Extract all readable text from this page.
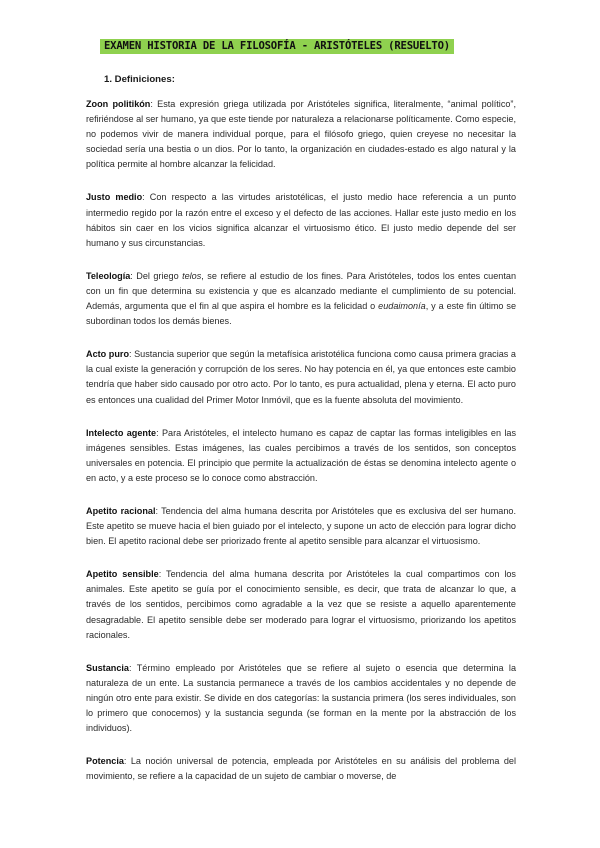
EXAMEN HISTORIA DE LA FILOSOFÍA - ARISTÓTELES (RESUELTO)
1. Definiciones:

Zoon politikón: Esta expresión griega utilizada por Aristóteles significa, literalmente, “animal político”, refiriéndose al ser humano, ya que este tiende por naturaleza a relacionarse políticamente. Como especie, no podemos vivir de manera individual porque, para el filósofo griego, quien creyese no necesitar la sociedad sería una bestia o un dios. Por lo tanto, la organización en ciudades-estado es algo natural y la política permite al hombre alcanzar la felicidad.

Justo medio: Con respecto a las virtudes aristotélicas, el justo medio hace referencia a un punto intermedio regido por la razón entre el exceso y el defecto de las acciones. Hallar este justo medio en los hábitos sin caer en los vicios significa alcanzar el virtuosismo ético. El justo medio depende del ser humano y sus circunstancias.

Teleología: Del griego telos, se refiere al estudio de los fines. Para Aristóteles, todos los entes cuentan con un fin que determina su existencia y que es alcanzado mediante el cumplimiento de su potencial. Además, argumenta que el fin al que aspira el hombre es la felicidad o eudaimonía, y a este fin último se subordinan todos los demás bienes.

Acto puro: Sustancia superior que según la metafísica aristotélica funciona como causa primera gracias a la cual existe la generación y corrupción de los seres. No hay potencia en él, ya que entonces este cambio tendría que haber sido causado por otro acto. Por lo tanto, es pura actualidad, plena y eterna. El acto puro es entonces una cualidad del Primer Motor Inmóvil, que es la fuente absoluta del movimiento.

Intelecto agente: Para Aristóteles, el intelecto humano es capaz de captar las formas inteligibles en las imágenes sensibles. Estas imágenes, las cuales percibimos a través de los sentidos, son conceptos universales en potencia. El principio que permite la actualización de éstas se denomina intelecto agente o en acto, y a este proceso se lo conoce como abstracción.

Apetito racional: Tendencia del alma humana descrita por Aristóteles que es exclusiva del ser humano. Este apetito se mueve hacia el bien guiado por el intelecto, y supone un acto de elección para lograr dicho bien. El apetito racional debe ser priorizado frente al apetito sensible para alcanzar el virtuosismo.

Apetito sensible: Tendencia del alma humana descrita por Aristóteles la cual compartimos con los animales. Este apetito se guía por el conocimiento sensible, es decir, que trata de alcanzar lo que, a través de los sentidos, percibimos como agradable a la vez que se resiste a aquello aparentemente desagradable. El apetito sensible debe ser moderado para lograr el virtuosismo, priorizando los apetitos racionales.

Sustancia: Término empleado por Aristóteles que se refiere al sujeto o esencia que determina la naturaleza de un ente. La sustancia permanece a través de los cambios accidentales y no depende de ningún otro ente para existir. Se divide en dos categorías: la sustancia primera (los seres individuales, son lo primero que conocemos) y la sustancia segunda (se forman en la mente por la abstracción de los individuos).

Potencia: La noción universal de potencia, empleada por Aristóteles en su análisis del problema del movimiento, se refiere a la capacidad de un sujeto de cambiar o moverse, de
